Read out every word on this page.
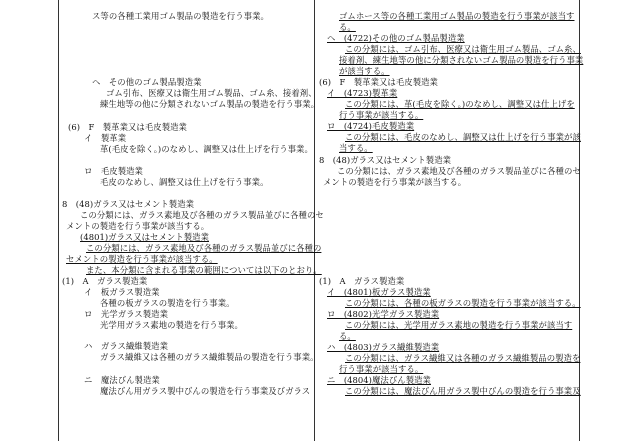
ス等の各種工業用ゴム製品の製造を行う事業。
ヘ　その他のゴム製品製造業
ゴム引布、医療又は衛生用ゴム製品、ゴム糸、接着剤、
練生地等の他に分類されないゴム製品の製造を行う事業。
(6)　F　製革業又は毛皮製造業
イ　製革業
革(毛皮を除く。)のなめし、調整又は仕上げを行う事業。
ロ　毛皮製造業
毛皮のなめし、調整又は仕上げを行う事業。
8　(48)ガラス又はセメント製造業
この分類には、ガラス素地及び各種のガラス製品並びに各種のセ
メントの製造を行う事業が該当する。
(4801)ガラス又はセメント製造業
この分類には、ガラス素地及び各種のガラス製品並びに各種の
セメントの製造を行う事業が該当する。
また、本分類に含まれる事業の範囲については以下のとおり。
(1)　A　ガラス製造業
イ　板ガラス製造業
各種の板ガラスの製造を行う事業。
ロ　光学ガラス製造業
光学用ガラス素地の製造を行う事業。
ハ　ガラス繊維製造業
ガラス繊維又は各種のガラス繊維製品の製造を行う事業。
ニ　魔法びん製造業
魔法びん用ガラス製中びんの製造を行う事業及びガラス
ゴムホース等の各種工業用ゴム製品の製造を行う事業が該当す
る。
ヘ　(4722)その他のゴム製品製造業
この分類には、ゴム引布、医療又は衛生用ゴム製品、ゴム糸、
接着剤、練生地等の他に分類されないゴム製品の製造を行う事業
が該当する。
(6)　F　製革業又は毛皮製造業
イ　(4723)製革業
この分類には、革(毛皮を除く。)のなめし、調整又は仕上げを
行う事業が該当する。
ロ　(4724)毛皮製造業
この分類には、毛皮のなめし、調整又は仕上げを行う事業が該
当する。
8　(48)ガラス又はセメント製造業
この分類には、ガラス素地及び各種のガラス製品並びに各種のセ
メントの製造を行う事業が該当する。
(1)　A　ガラス製造業
イ　(4801)板ガラス製造業
この分類には、各種の板ガラスの製造を行う事業が該当する。
ロ　(4802)光学ガラス製造業
この分類には、光学用ガラス素地の製造を行う事業が該当す
る。
ハ　(4803)ガラス繊維製造業
この分類には、ガラス繊維又は各種のガラス繊維製品の製造を
行う事業が該当する。
ニ　(4804)魔法びん製造業
この分類には、魔法びん用ガラス製中びんの製造を行う事業及
